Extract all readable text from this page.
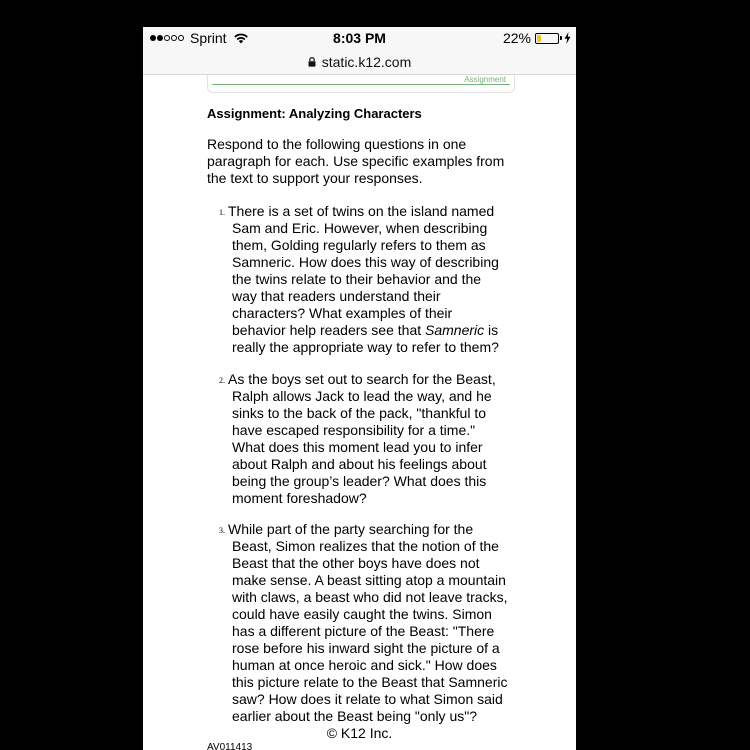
Sprint	8:03 PM	22%
static.k12.com
Assignment
Assignment: Analyzing Characters

Respond to the following questions in one
paragraph for each. Use specific examples from
the text to support your responses.

1. There is a set of twins on the island named
Sam and Eric. However, when describing
them, Golding regularly refers to them as
Samneric. How does this way of describing
the twins relate to their behavior and the
way that readers understand their
characters? What examples of their
behavior help readers see that Samneric is
really the appropriate way to refer to them?
2. As the boys set out to search for the Beast,
Ralph allows Jack to lead the way, and he
sinks to the back of the pack, "thankful to
have escaped responsibility for a time."
What does this moment lead you to infer
about Ralph and about his feelings about
being the group’s leader? What does this
moment foreshadow?
3. While part of the party searching for the
Beast, Simon realizes that the notion of the
Beast that the other boys have does not
make sense. A beast sitting atop a mountain
with claws, a beast who did not leave tracks,
could have easily caught the twins. Simon
has a different picture of the Beast: "There
rose before his inward sight the picture of a
human at once heroic and sick." How does
this picture relate to the Beast that Samneric
saw? How does it relate to what Simon said
earlier about the Beast being "only us"?
© K12 Inc.
AV011413
